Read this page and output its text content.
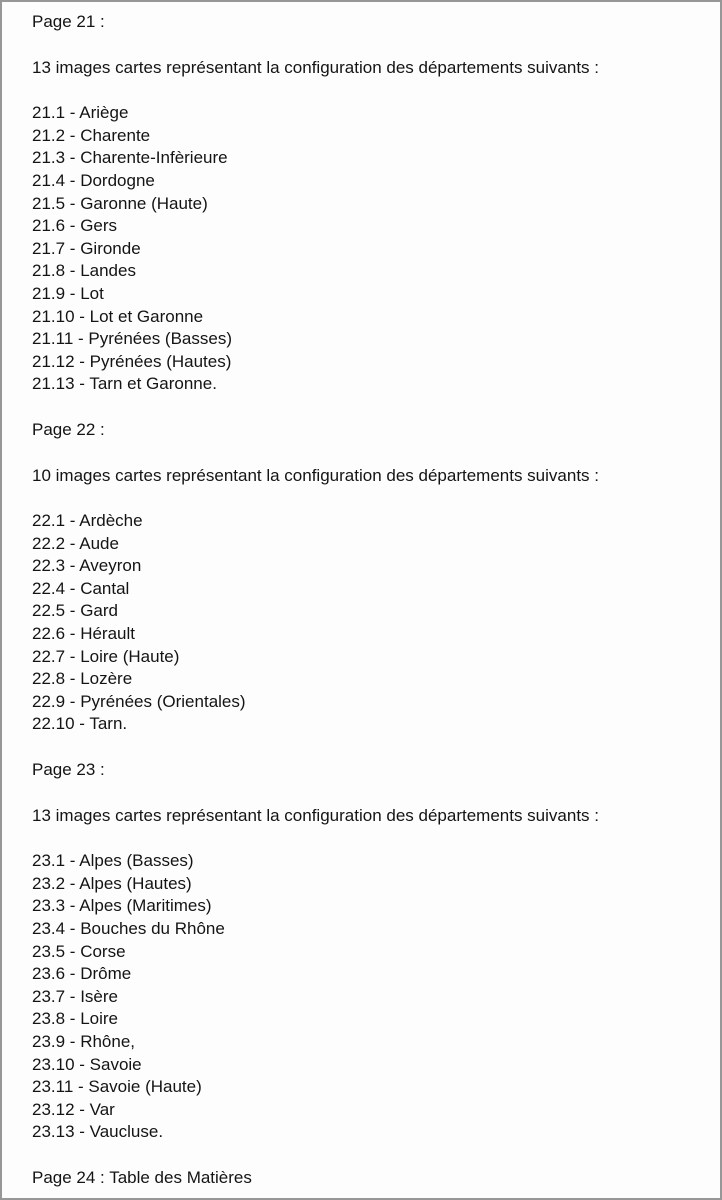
Page 21 :

13 images cartes représentant la configuration des départements suivants :

21.1 - Ariège

21.2 - Charente

21.3 - Charente-Infèrieure

21.4 - Dordogne

21.5 - Garonne (Haute)

21.6 - Gers

21.7 - Gironde

21.8 - Landes

21.9 - Lot

21.10 - Lot et Garonne

21.11 - Pyrénées (Basses)

21.12 - Pyrénées (Hautes)

21.13 - Tarn et Garonne.

Page 22 :

10 images cartes représentant la configuration des départements suivants :

22.1 - Ardèche

22.2 - Aude

22.3 - Aveyron

22.4 - Cantal

22.5 - Gard

22.6 - Hérault

22.7 - Loire (Haute)

22.8 - Lozère

22.9 - Pyrénées (Orientales)

22.10 - Tarn.

Page 23 :

13 images cartes représentant la configuration des départements suivants :

23.1 - Alpes (Basses)

23.2 - Alpes (Hautes)

23.3 - Alpes (Maritimes)

23.4 - Bouches du Rhône

23.5 - Corse

23.6 - Drôme

23.7 - Isère

23.8 - Loire

23.9 - Rhône,

23.10 - Savoie

23.11 - Savoie (Haute)

23.12 - Var

23.13 - Vaucluse.

Page 24 : Table des Matières
